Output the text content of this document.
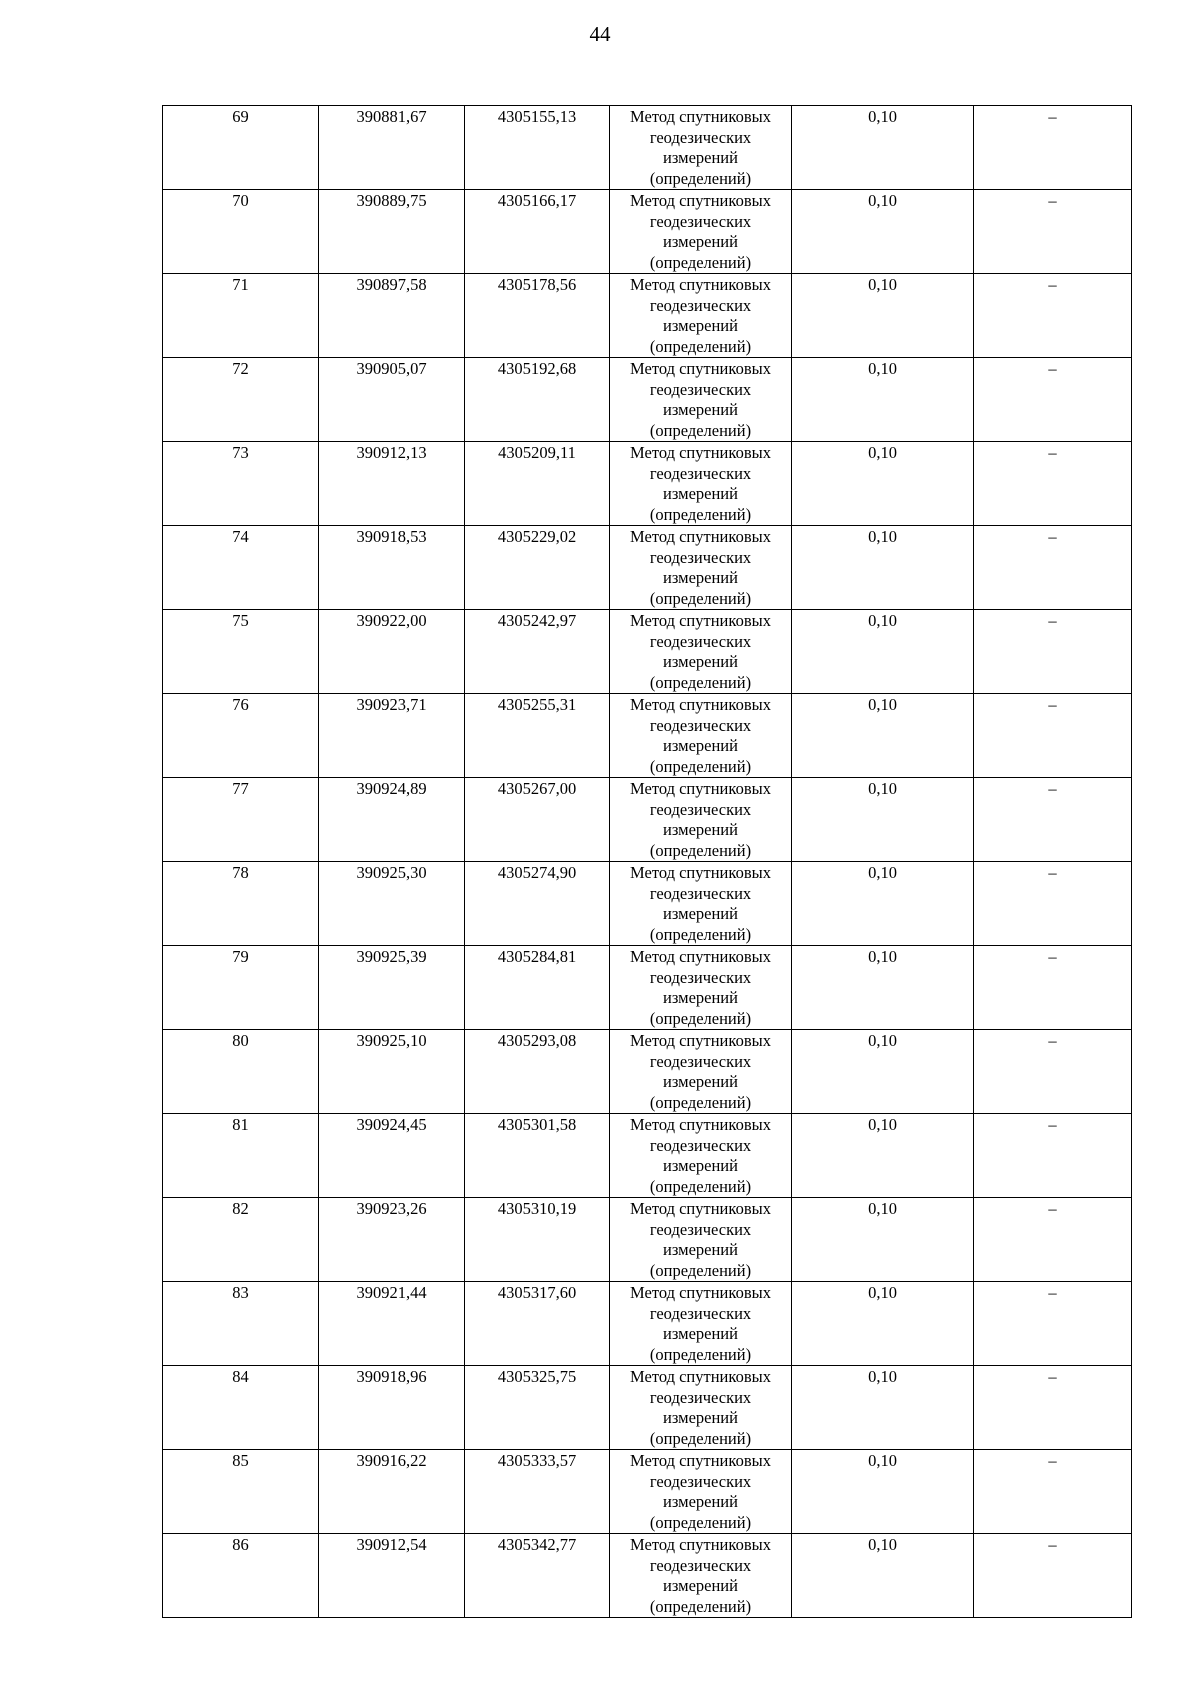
44
69	390881,67	4305155,13	Метод спутниковых геодезических измерений (определений)	0,10	–

70	390889,75	4305166,17	Метод спутниковых геодезических измерений (определений)	0,10	–

71	390897,58	4305178,56	Метод спутниковых геодезических измерений (определений)	0,10	–

72	390905,07	4305192,68	Метод спутниковых геодезических измерений (определений)	0,10	–

73	390912,13	4305209,11	Метод спутниковых геодезических измерений (определений)	0,10	–

74	390918,53	4305229,02	Метод спутниковых геодезических измерений (определений)	0,10	–

75	390922,00	4305242,97	Метод спутниковых геодезических измерений (определений)	0,10	–

76	390923,71	4305255,31	Метод спутниковых геодезических измерений (определений)	0,10	–

77	390924,89	4305267,00	Метод спутниковых геодезических измерений (определений)	0,10	–

78	390925,30	4305274,90	Метод спутниковых геодезических измерений (определений)	0,10	–

79	390925,39	4305284,81	Метод спутниковых геодезических измерений (определений)	0,10	–

80	390925,10	4305293,08	Метод спутниковых геодезических измерений (определений)	0,10	–

81	390924,45	4305301,58	Метод спутниковых геодезических измерений (определений)	0,10	–

82	390923,26	4305310,19	Метод спутниковых геодезических измерений (определений)	0,10	–

83	390921,44	4305317,60	Метод спутниковых геодезических измерений (определений)	0,10	–

84	390918,96	4305325,75	Метод спутниковых геодезических измерений (определений)	0,10	–

85	390916,22	4305333,57	Метод спутниковых геодезических измерений (определений)	0,10	–

86	390912,54	4305342,77	Метод спутниковых геодезических измерений (определений)	0,10	–
